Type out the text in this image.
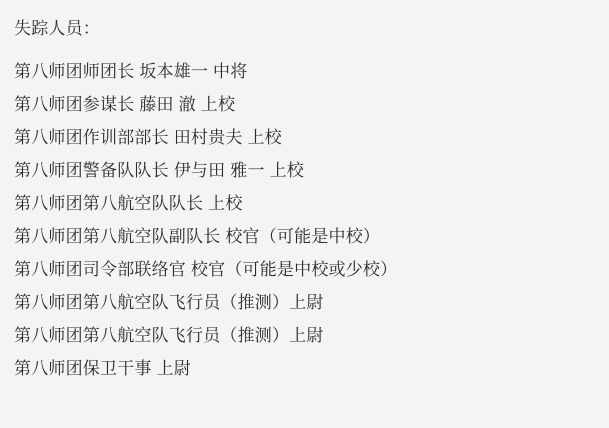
失踪人员：
第八师团师团长 坂本雄一 中将
第八师团参谋长 藤田 澈 上校
第八师团作训部部长 田村贵夫 上校
第八师团警备队队长 伊与田 雅一 上校
第八师团第八航空队队长 上校
第八师团第八航空队副队长 校官（可能是中校）
第八师团司令部联络官 校官（可能是中校或少校）
第八师团第八航空队飞行员（推测）上尉
第八师团第八航空队飞行员（推测）上尉
第八师团保卫干事 上尉
